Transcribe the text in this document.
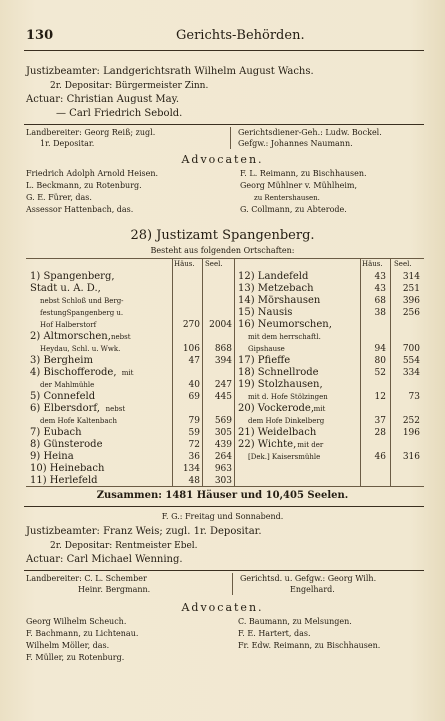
130	Gerichts-Behörden.
Justizbeamter: Landgerichtsrath Wilhelm August Wachs.
2r. Depositar: Bürgermeister Zinn.
Actuar: Christian August May.
— Carl Friedrich Sebold.
Landbereiter: Georg Reiß; zugl.
1r. Depositar.
Gerichtsdiener-Geh.: Ludw. Bockel.
Gefgw.: Johannes Naumann.
Advocaten.
Friedrich Adolph Arnold Heisen.
L. Beckmann, zu Rotenburg.
G. E. Fürer, das.
Assessor Hattenbach, das.
F. L. Reimann, zu Bischhausen.
Georg Mühlner v. Mühlheim,
zu Rentershausen.
G. Collmann, zu Abterode.
28) Justizamt Spangenberg.
Besteht aus folgenden Ortschaften:
Häus. Seel.	Häus. Seel.
Zusammen: 1481 Häuser und 10,405 Seelen.
F. G.: Freitag und Sonnabend.
Justizbeamter: Franz Weis; zugl. 1r. Depositar.
2r. Depositar: Rentmeister Ebel.
Actuar: Carl Michael Wenning.
Landbereiter: C. L. Schember
Heinr. Bergmann.
Gerichtsd. u. Gefgw.: Georg Wilh.
Engelhard.
Advocaten.
Georg Wilhelm Scheuch.
F. Bachmann, zu Lichtenau.
Wilhelm Möller, das.
F. Müller, zu Rotenburg.
C. Baumann, zu Melsungen.
F. E. Hartert, das.
Fr. Edw. Reimann, zu Bischhausen.
1) Spangenberg,
Stadt u. A. D.,
nebst Schloß und Berg-
festungSpangenberg u.
Hof Halberstorf	270	2004
2) Altmorschen, nebst
Heydau, Schl. u. Wwk.	106	868
3) Bergheim	47	394
4) Bischofferode, mit
der Mahlmühle	40	247
5) Connefeld	69	445
6) Elbersdorf, nebst
dem Hofe Kaltenbach	79	569
7) Eubach	59	305
8) Günsterode	72	439
9) Heina	36	264
10) Heinebach	134	963
11) Herlefeld	48	303
12) Landefeld	43	314
13) Metzebach	43	251
14) Mörshausen	68	396
15) Nausis	38	256
16) Neumorschen,
mit dem herrschaftl.
Gipshause	94	700
17) Pfieffe	80	554
18) Schnellrode	52	334
19) Stolzhausen,
mit d. Hofe Stölzingen	12	73
20) Vockerode, mit
dem Hofe Dinkelberg	37	252
21) Weidelbach	28	196
22) Wichte, mit der
[Dek.] Kaisersmühle	46	316
